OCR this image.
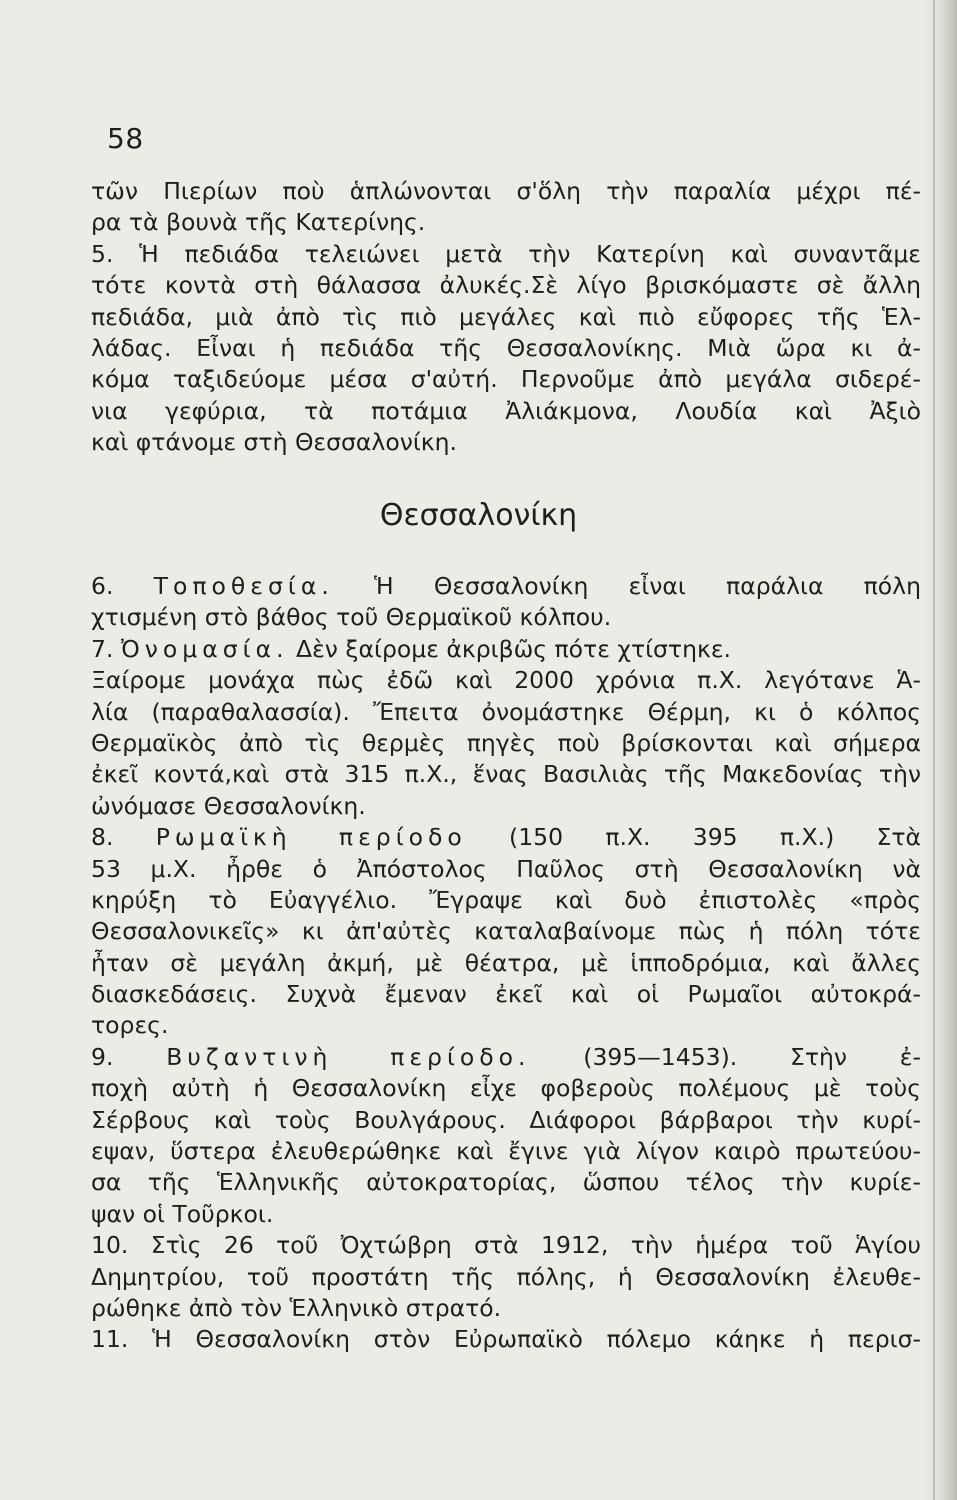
58
τῶν Πιερίων ποὺ ἁπλώνονται σ'ὅλη τὴν παραλία μέχρι πέ-
ρα τὰ βουνὰ τῆς Κατερίνης.
5. Ἡ πεδιάδα τελειώνει μετὰ τὴν Κατερίνη καὶ συναντᾶμε
τότε κοντὰ στὴ θάλασσα ἀλυκές.Σὲ λίγο βρισκόμαστε σὲ ἄλλη
πεδιάδα, μιὰ ἀπὸ τὶς πιὸ μεγάλες καὶ πιὸ εὔφορες τῆς Ἑλ-
λάδας. Εἶναι ἡ πεδιάδα τῆς Θεσσαλονίκης. Μιὰ ὥρα κι ἀ-
κόμα ταξιδεύομε μέσα σ'αὐτή. Περνοῦμε ἀπὸ μεγάλα σιδερέ-
νια γεφύρια, τὰ ποτάμια Ἀλιάκμονα, Λουδία καὶ Ἀξιὸ
καὶ φτάνομε στὴ Θεσσαλονίκη.
Θεσσαλονίκη
6. Τοποθεσία. Ἡ Θεσσαλονίκη εἶναι παράλια πόλη
χτισμένη στὸ βάθος τοῦ Θερμαϊκοῦ κόλπου.
7. Ὀνομασία. Δὲν ξαίρομε ἀκριβῶς πότε χτίστηκε.
Ξαίρομε μονάχα πὼς ἐδῶ καὶ 2000 χρόνια π.Χ. λεγότανε Ἁ-
λία (παραθαλασσία). Ἔπειτα ὀνομάστηκε Θέρμη, κι ὁ κόλπος
Θερμαϊκὸς ἀπὸ τὶς θερμὲς πηγὲς ποὺ βρίσκονται καὶ σήμερα
ἐκεῖ κοντά,καὶ στὰ 315 π.Χ., ἕνας Βασιλιὰς τῆς Μακεδονίας τὴν
ὠνόμασε Θεσσαλονίκη.
8. Ρωμαϊκὴ περίοδο (150 π.Χ. 395 π.Χ.) Στὰ
53 μ.Χ. ἦρθε ὁ Ἀπόστολος Παῦλος στὴ Θεσσαλονίκη νὰ
κηρύξη τὸ Εὐαγγέλιο. Ἔγραψε καὶ δυὸ ἐπιστολὲς «πρὸς
Θεσσαλονικεῖς» κι ἀπ'αὐτὲς καταλαβαίνομε πὼς ἡ πόλη τότε
ἦταν σὲ μεγάλη ἀκμή, μὲ θέατρα, μὲ ἱπποδρόμια, καὶ ἄλλες
διασκεδάσεις. Συχνὰ ἔμεναν ἐκεῖ καὶ οἱ Ρωμαῖοι αὐτοκρά-
τορες.
9. Βυζαντινὴ περίοδο. (395—1453). Στὴν ἐ-
ποχὴ αὐτὴ ἡ Θεσσαλονίκη εἶχε φοβεροὺς πολέμους μὲ τοὺς
Σέρβους καὶ τοὺς Βουλγάρους. Διάφοροι βάρβαροι τὴν κυρί-
εψαν, ὕστερα ἐλευθερώθηκε καὶ ἔγινε γιὰ λίγον καιρὸ πρωτεύου-
σα τῆς Ἑλληνικῆς αὐτοκρατορίας, ὥσπου τέλος τὴν κυρίε-
ψαν οἱ Τοῦρκοι.
10. Στὶς 26 τοῦ Ὀχτώβρη στὰ 1912, τὴν ἡμέρα τοῦ Ἁγίου
Δημητρίου, τοῦ προστάτη τῆς πόλης, ἡ Θεσσαλονίκη ἐλευθε-
ρώθηκε ἀπὸ τὸν Ἑλληνικὸ στρατό.
11. Ἡ Θεσσαλονίκη στὸν Εὐρωπαϊκὸ πόλεμο κάηκε ἡ περισ-
